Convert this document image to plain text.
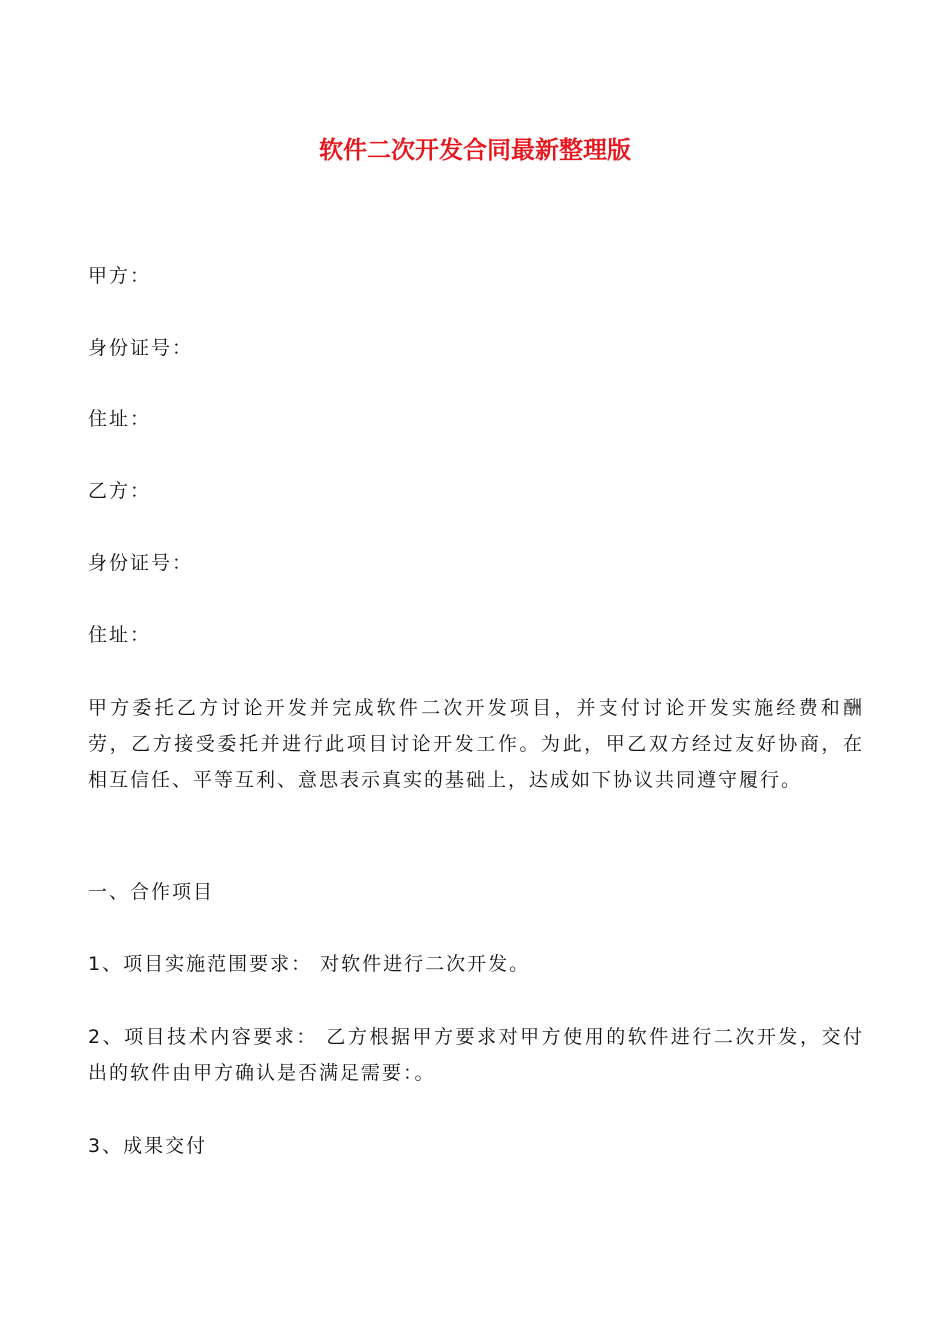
软件二次开发合同最新整理版

甲方：

身份证号：

住址：

乙方：

身份证号：

住址：

甲方委托乙方讨论开发并完成软件二次开发项目，并支付讨论开发实施经费和酬劳，乙方接受委托并进行此项目讨论开发工作。为此，甲乙双方经过友好协商，在相互信任、平等互利、意思表示真实的基础上，达成如下协议共同遵守履行。

一、合作项目

1、项目实施范围要求： 对软件进行二次开发。

2、项目技术内容要求： 乙方根据甲方要求对甲方使用的软件进行二次开发，交付出的软件由甲方确认是否满足需要：。

3、成果交付
